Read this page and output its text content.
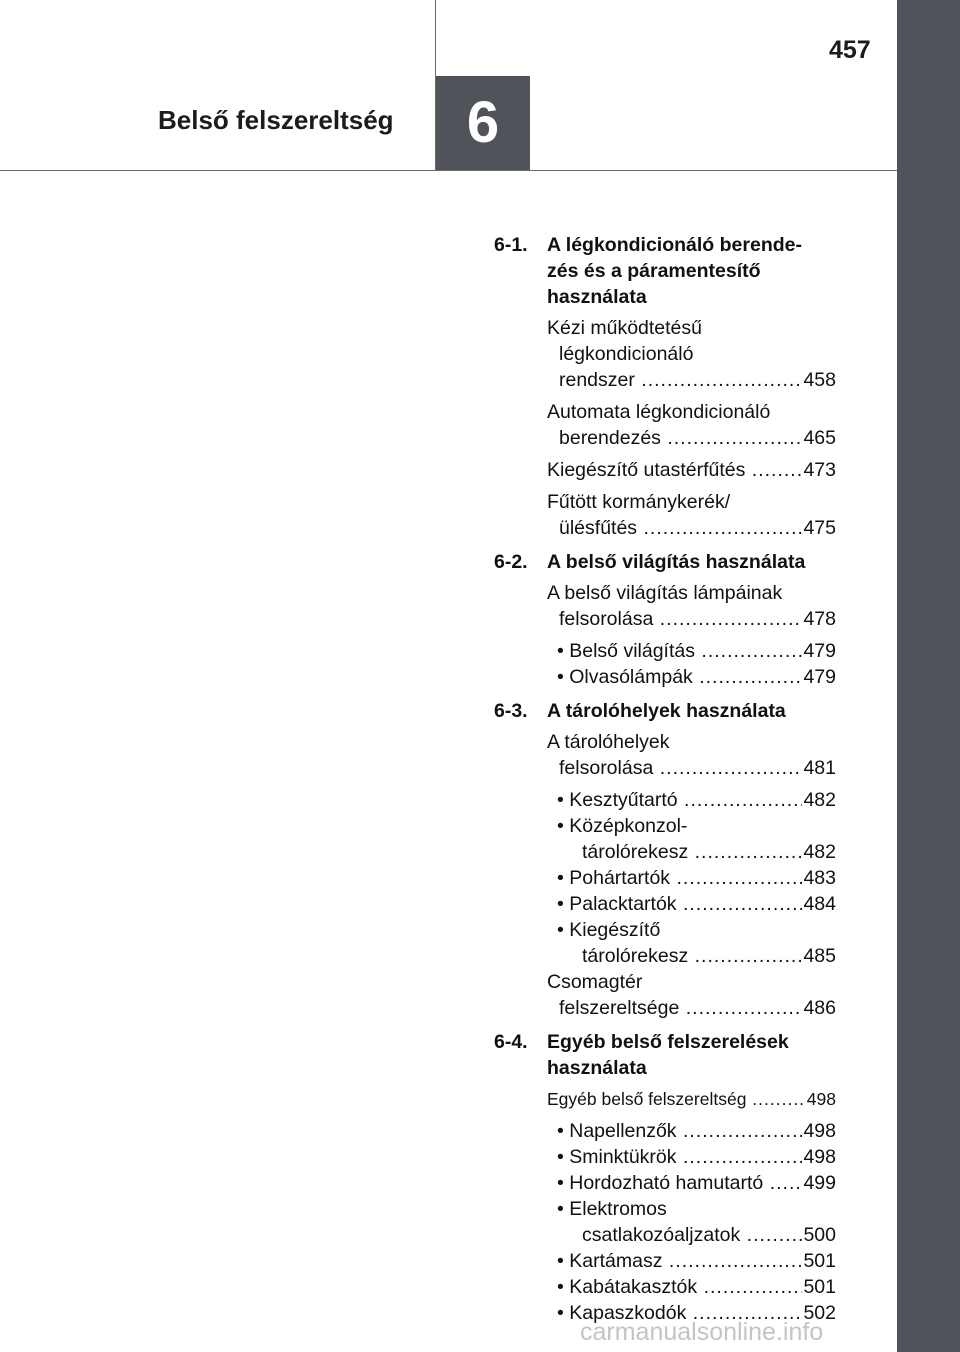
457
Belső felszereltség	6
6-1. A légkondicionáló berende-
zés és a páramentesítő
használata
Kézi működtetésű
légkondicionáló
rendszer .....	458
Automata légkondicionáló
berendezés .....	465
Kiegészítő utastérfűtés .....	473
Fűtött kormánykerék/
ülésfűtés .....	475
6-2. A belső világítás használata
A belső világítás lámpáinak
felsorolása .....	478
• Belső világítás .....	479
• Olvasólámpák .....	479
6-3. A tárolóhelyek használata
A tárolóhelyek
felsorolása .....	481
• Kesztyűtartó .....	482
• Középkonzol-
tárolórekesz .....	482
• Pohártartók .....	483
• Palacktartók .....	484
• Kiegészítő
tárolórekesz .....	485
Csomagtér
felszereltsége .....	486
6-4. Egyéb belső felszerelések
használata
Egyéb belső felszereltség .....	498
• Napellenzők .....	498
• Sminktükrök .....	498
• Hordozható hamutartó .....	499
• Elektromos
csatlakozóaljzatok .....	500
• Kartámasz .....	501
• Kabátakasztók .....	501
• Kapaszkodók .....	502
carmanualsonline.info
